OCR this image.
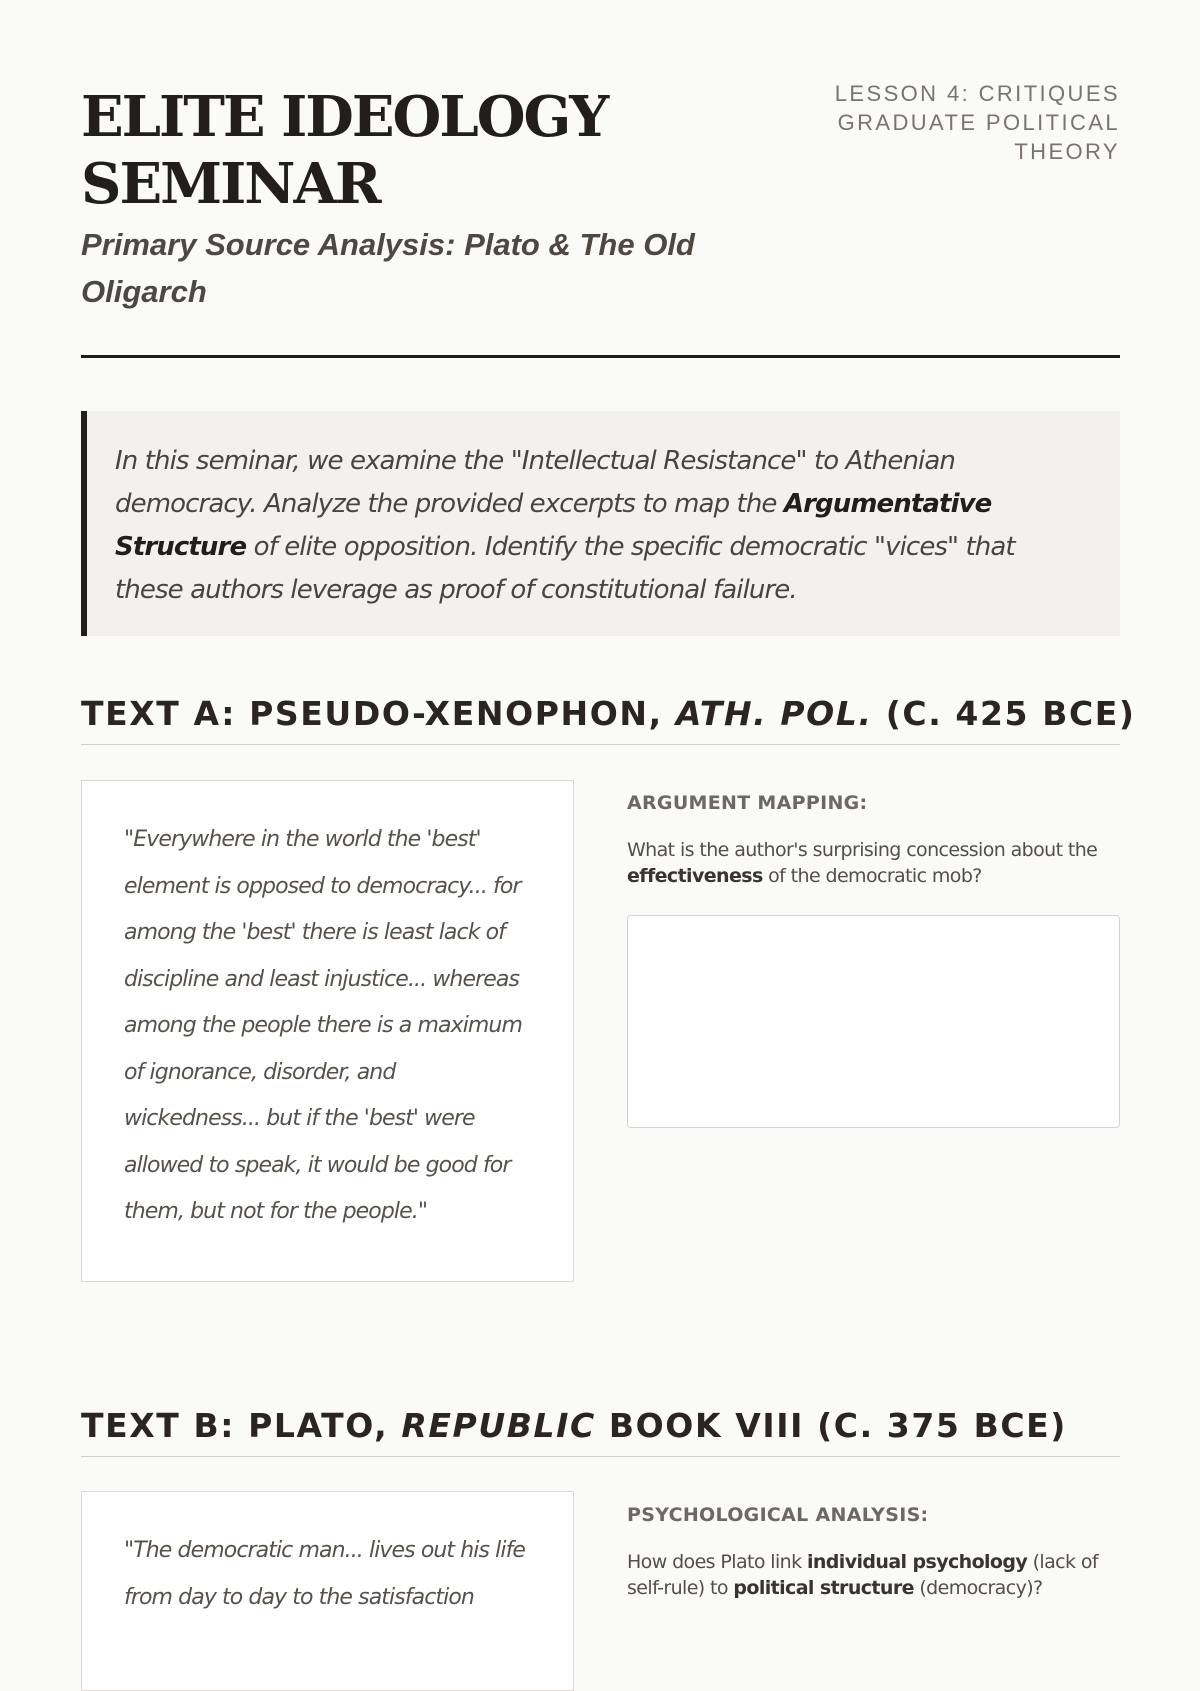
ELITE IDEOLOGY SEMINAR
Primary Source Analysis: Plato & The Old Oligarch
LESSON 4: CRITIQUES
GRADUATE POLITICAL THEORY
In this seminar, we examine the "Intellectual Resistance" to Athenian democracy. Analyze the provided excerpts to map the Argumentative Structure of elite opposition. Identify the specific democratic "vices" that these authors leverage as proof of constitutional failure.
TEXT A: PSEUDO-XENOPHON, ATH. POL. (C. 425 BCE)
"Everywhere in the world the 'best' element is opposed to democracy... for among the 'best' there is least lack of discipline and least injustice... whereas among the people there is a maximum of ignorance, disorder, and wickedness... but if the 'best' were allowed to speak, it would be good for them, but not for the people."

ARGUMENT MAPPING:

What is the author's surprising concession about the effectiveness of the democratic mob?

TEXT B: PLATO, REPUBLIC BOOK VIII (C. 375 BCE)
"The democratic man... lives out his life from day to day to the satisfaction

PSYCHOLOGICAL ANALYSIS:

How does Plato link individual psychology (lack of self-rule) to political structure (democracy)?
